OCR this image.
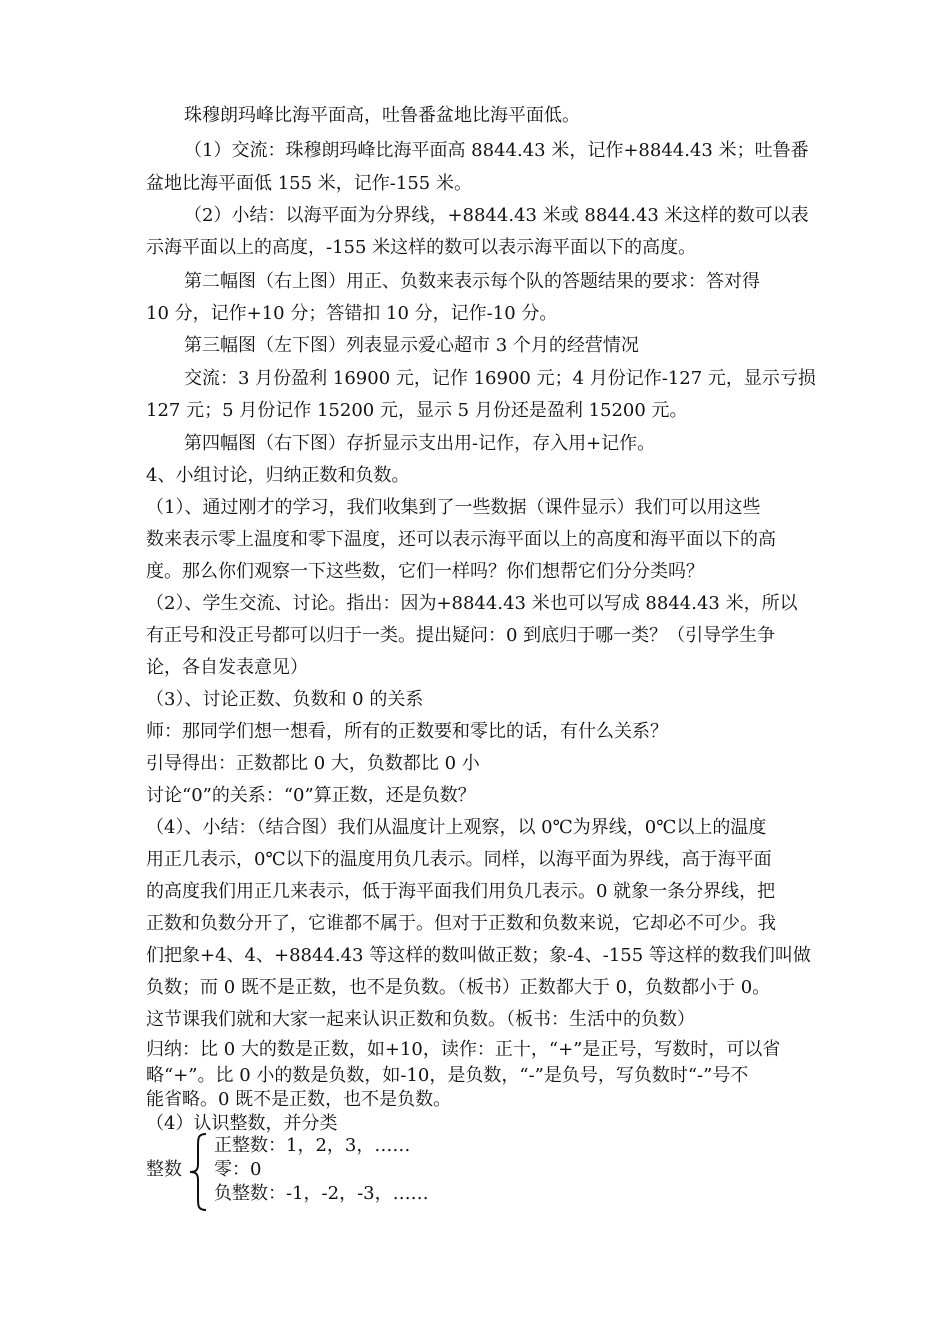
珠穆朗玛峰比海平面高，吐鲁番盆地比海平面低。
（1）交流：珠穆朗玛峰比海平面高 8844.43 米，记作+8844.43 米；吐鲁番
盆地比海平面低 155 米，记作-155 米。
（2）小结：以海平面为分界线，+8844.43 米或 8844.43 米这样的数可以表
示海平面以上的高度，-155 米这样的数可以表示海平面以下的高度。
第二幅图（右上图）用正、负数来表示每个队的答题结果的要求：答对得
10 分，记作+10 分；答错扣 10 分，记作-10 分。
第三幅图（左下图）列表显示爱心超市 3 个月的经营情况
交流：3 月份盈利 16900 元，记作 16900 元；4 月份记作-127 元，显示亏损
127 元；5 月份记作 15200 元，显示 5 月份还是盈利 15200 元。
第四幅图（右下图）存折显示支出用-记作，存入用+记作。
4、小组讨论，归纳正数和负数。
（1）、通过刚才的学习，我们收集到了一些数据（课件显示）我们可以用这些
数来表示零上温度和零下温度，还可以表示海平面以上的高度和海平面以下的高
度。那么你们观察一下这些数，它们一样吗？你们想帮它们分分类吗？
（2）、学生交流、讨论。指出：因为+8844.43 米也可以写成 8844.43 米，所以
有正号和没正号都可以归于一类。提出疑问：0 到底归于哪一类？（引导学生争
论，各自发表意见）
（3）、讨论正数、负数和 0 的关系
师：那同学们想一想看，所有的正数要和零比的话，有什么关系？
引导得出：正数都比 0 大，负数都比 0 小
讨论“0”的关系：“0”算正数，还是负数？
（4）、小结：（结合图）我们从温度计上观察，以 0℃为界线，0℃以上的温度
用正几表示，0℃以下的温度用负几表示。同样，以海平面为界线，高于海平面
的高度我们用正几来表示，低于海平面我们用负几表示。0 就象一条分界线，把
正数和负数分开了，它谁都不属于。但对于正数和负数来说，它却必不可少。我
们把象+4、4、+8844.43 等这样的数叫做正数；象-4、-155 等这样的数我们叫做
负数；而 0 既不是正数，也不是负数。（板书）正数都大于 0，负数都小于 0。
这节课我们就和大家一起来认识正数和负数。（板书：生活中的负数）
归纳：比 0 大的数是正数，如+10，读作：正十，“+”是正号，写数时，可以省
略“+”。比 0 小的数是负数，如-10，是负数，“-”是负号，写负数时“-”号不
能省略。0 既不是正数，也不是负数。
（4）认识整数，并分类
整数
正整数：1，2，3，……
零：0
负整数：-1，-2，-3，……
